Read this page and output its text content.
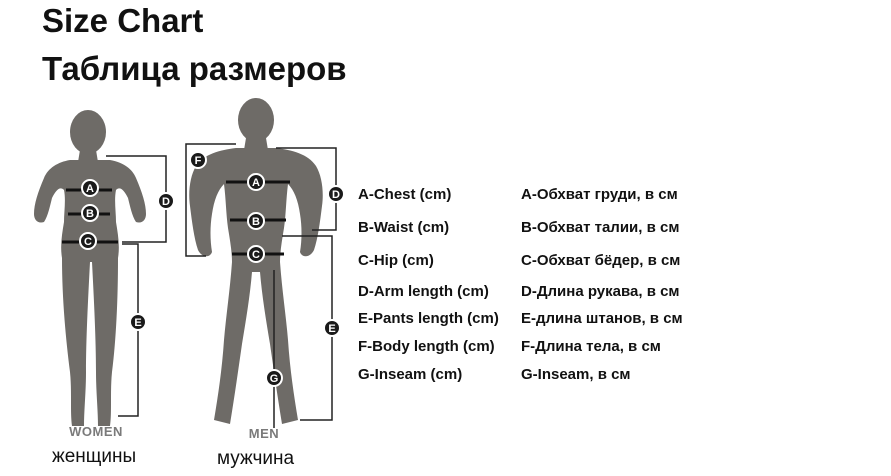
Size Chart
Таблица размеров
A
B
C
D
E
A
B
C
D
E
F
G
WOMEN	MEN
женщины	мужчина
A-Chest (cm)	A-Обхват груди, в см
B-Waist (cm)	B-Обхват талии, в см
C-Hip (cm)	C-Обхват бёдер, в см
D-Arm length (cm) D-Длина рукава, в см
E-Pants length (cm) E-длина штанов, в см
F-Body length (cm) F-Длина тела, в см
G-Inseam (cm)	G-Inseam, в см
